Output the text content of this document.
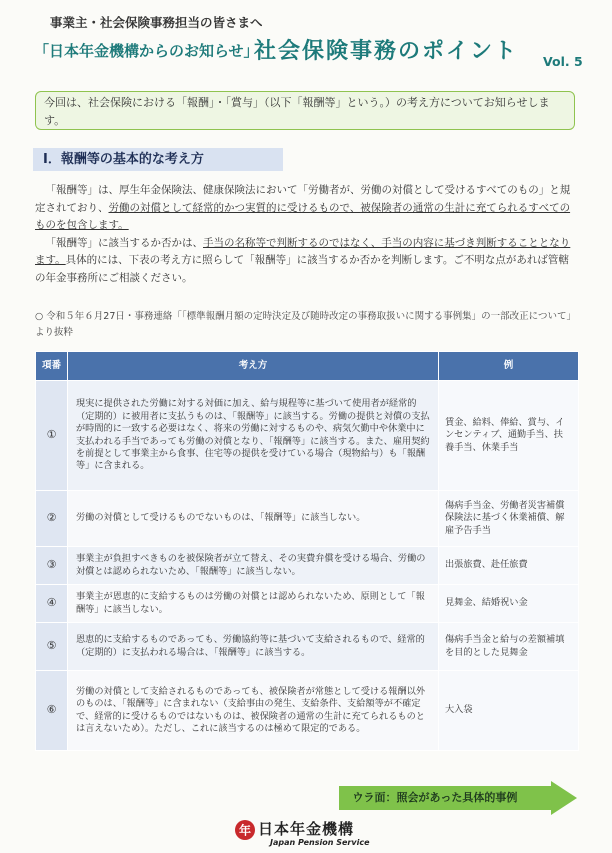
事業主・社会保険事務担当の皆さまへ
「日本年金機構からのお知らせ」
社会保険事務のポイント Vol. 5
今回は、社会保険における「報酬」・「賞与」（以下「報酬等」という。）の考え方についてお知らせします。
Ⅰ．報酬等の基本的な考え方

「報酬等」は、厚生年金保険法、健康保険法において「労働者が、労働の対償として受けるすべてのもの」と規定されており、労働の対償として経常的かつ実質的に受けるもので、被保険者の通常の生計に充てられるすべてのものを包含します。

「報酬等」に該当するか否かは、手当の名称等で判断するのではなく、手当の内容に基づき判断することとなります。具体的には、下表の考え方に照らして「報酬等」に該当するか否かを判断します。ご不明な点があれば管轄の年金事務所にご相談ください。

○ 令和５年６月27日・事務連絡「「標準報酬月額の定時決定及び随時改定の事務取扱いに関する事例集」の一部改正について」より抜粋
項番	考え方	例
①	現実に提供された労働に対する対価に加え、給与規程等に基づいて使用者が経常的（定期的）に被用者に支払うものは、「報酬等」に該当する。労働の提供と対償の支払が時間的に一致する必要はなく、将来の労働に対するものや、病気欠勤中や休業中に支払われる手当であっても労働の対償となり、「報酬等」に該当する。また、雇用契約を前提として事業主から食事、住宅等の提供を受けている場合（現物給与）も「報酬等」に含まれる。	賃金、給料、俸給、賞与、インセンティブ、通勤手当、扶養手当、休業手当
②	労働の対償として受けるものでないものは、「報酬等」に該当しない。	傷病手当金、労働者災害補償保険法に基づく休業補償、解雇予告手当
③	事業主が負担すべきものを被保険者が立て替え、その実費弁償を受ける場合、労働の対償とは認められないため、「報酬等」に該当しない。	出張旅費、赴任旅費
④	事業主が恩恵的に支給するものは労働の対償とは認められないため、原則として「報酬等」に該当しない。	見舞金、結婚祝い金
⑤	恩恵的に支給するものであっても、労働協約等に基づいて支給されるもので、経常的（定期的）に支払われる場合は、「報酬等」に該当する。	傷病手当金と給与の差額補填を目的とした見舞金
⑥	労働の対償として支給されるものであっても、被保険者が常態として受ける報酬以外のものは、「報酬等」に含まれない（支給事由の発生、支給条件、支給額等が不確定で、経常的に受けるものではないものは、被保険者の通常の生計に充てられるものとは言えないため）。ただし、これに該当するのは極めて限定的である。	大入袋
ウラ面：照会があった具体的事例
年 日本年金機構
Japan Pension Service
